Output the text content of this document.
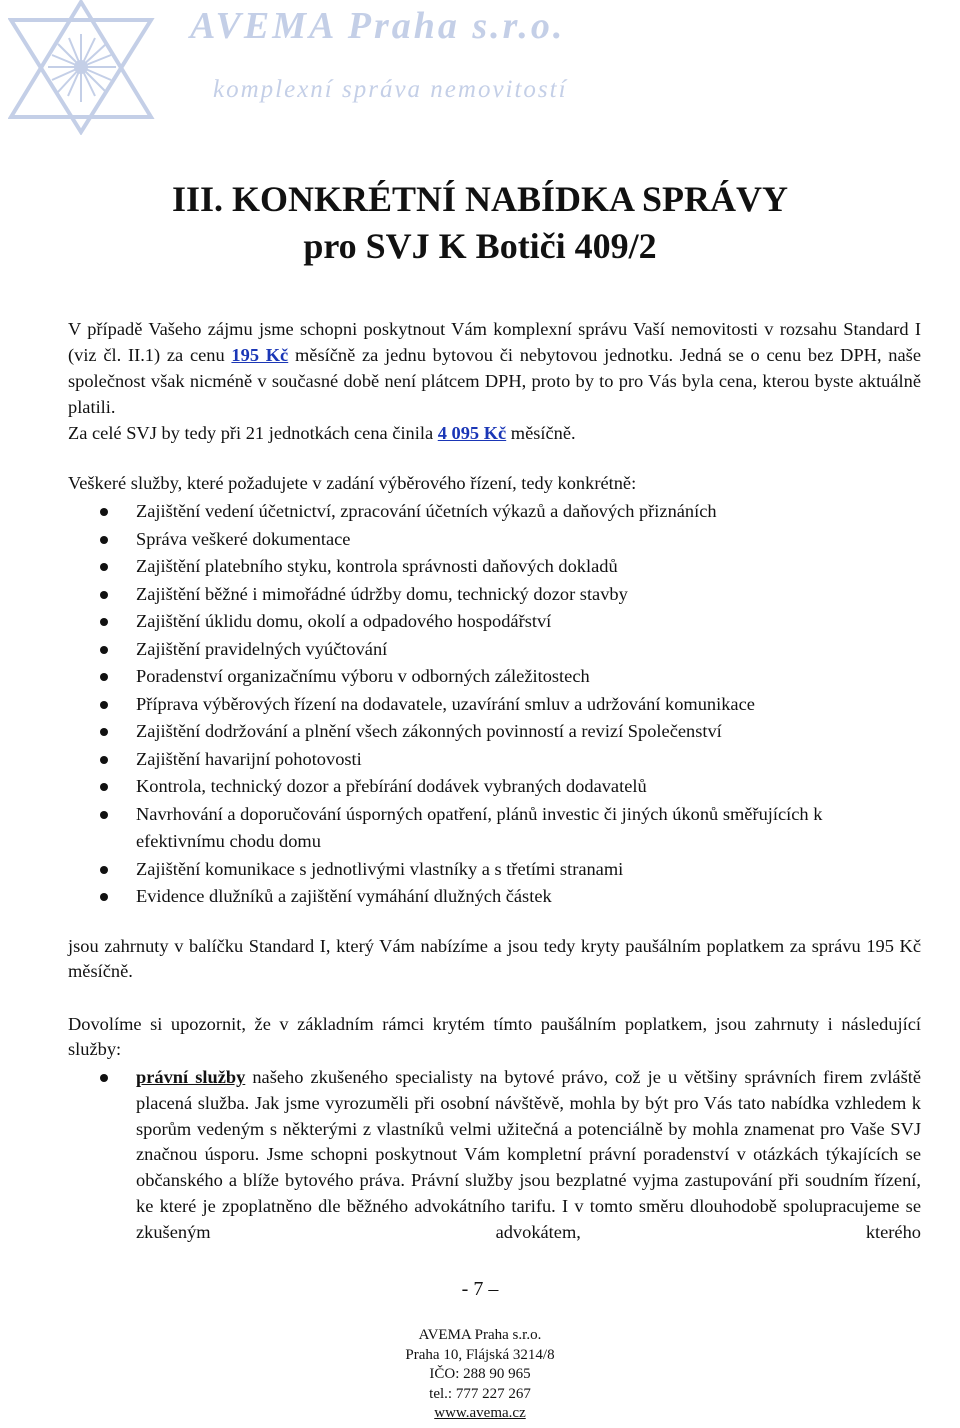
AVEMA Praha s.r.o.
komplexní správa nemovitostí
III. KONKRÉTNÍ NABÍDKA SPRÁVY
pro SVJ K Botiči 409/2
V případě Vašeho zájmu jsme schopni poskytnout Vám komplexní správu Vaší nemovitosti v rozsahu Standard I (viz čl. II.1) za cenu 195 Kč měsíčně za jednu bytovou či nebytovou jednotku. Jedná se o cenu bez DPH, naše společnost však nicméně v současné době není plátcem DPH, proto by to pro Vás byla cena, kterou byste aktuálně platili.
Za celé SVJ by tedy při 21 jednotkách cena činila 4 095 Kč měsíčně.
Veškeré služby, které požadujete v zadání výběrového řízení, tedy konkrétně:
Zajištění vedení účetnictví, zpracování účetních výkazů a daňových přiznáních
Správa veškeré dokumentace
Zajištění platebního styku, kontrola správnosti daňových dokladů
Zajištění běžné i mimořádné údržby domu, technický dozor stavby
Zajištění úklidu domu, okolí a odpadového hospodářství
Zajištění pravidelných vyúčtování
Poradenství organizačnímu výboru v odborných záležitostech
Příprava výběrových řízení na dodavatele, uzavírání smluv a udržování komunikace
Zajištění dodržování a plnění všech zákonných povinností a revizí Společenství
Zajištění havarijní pohotovosti
Kontrola, technický dozor a přebírání dodávek vybraných dodavatelů
Navrhování a doporučování úsporných opatření, plánů investic či jiných úkonů směřujících k efektivnímu chodu domu
Zajištění komunikace s jednotlivými vlastníky a s třetími stranami
Evidence dlužníků a zajištění vymáhání dlužných částek
jsou zahrnuty v balíčku Standard I, který Vám nabízíme a jsou tedy kryty paušálním poplatkem za správu 195 Kč měsíčně.
Dovolíme si upozornit, že v základním rámci krytém tímto paušálním poplatkem, jsou zahrnuty i následující služby:
právní služby našeho zkušeného specialisty na bytové právo, což je u většiny správních firem zvláště placená služba. Jak jsme vyrozuměli při osobní návštěvě, mohla by být pro Vás tato nabídka vzhledem k sporům vedeným s některými z vlastníků velmi užitečná a potenciálně by mohla znamenat pro Vaše SVJ značnou úsporu. Jsme schopni poskytnout Vám kompletní právní poradenství v otázkách týkajících se občanského a blíže bytového práva. Právní služby jsou bezplatné vyjma zastupování při soudním řízení, ke které je zpoplatněno dle běžného advokátního tarifu. I v tomto směru dlouhodobě spolupracujeme se zkušeným advokátem, kterého
- 7 –
AVEMA Praha s.r.o.
Praha 10, Flájská 3214/8
IČO: 288 90 965
tel.: 777 227 267
www.avema.cz
